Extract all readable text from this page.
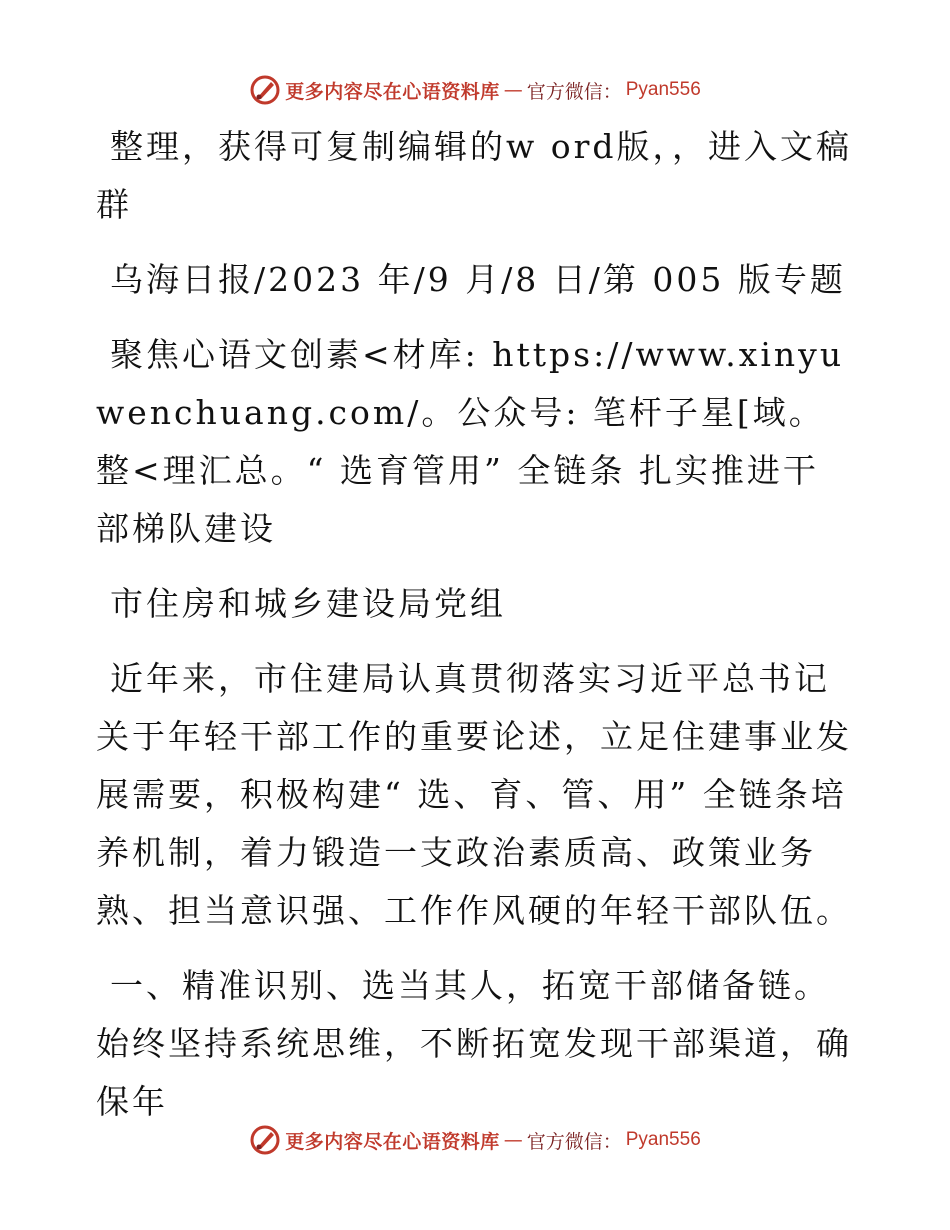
更多内容尽在心语资料库 — 官方微信： Pyan556

整理，获得可复制编辑的w ord版，，进入文稿群

乌海日报/2023 年/9 月/8 日/第 005 版专题

聚焦心语文创素<材库: https://www.xinyuwenchuang.com/。公众号: 笔杆子星[域。整<理汇总。“ 选育管用” 全链条 扎实推进干部梯队建设

市住房和城乡建设局党组

近年来，市住建局认真贯彻落实习近平总书记关于年轻干部工作的重要论述，立足住建事业发展需要，积极构建“ 选、育、管、用” 全链条培养机制，着力锻造一支政治素质高、政策业务熟、担当意识强、工作作风硬的年轻干部队伍。

一、精准识别、选当其人，拓宽干部储备链。始终坚持系统思维，不断拓宽发现干部渠道，确保年

更多内容尽在心语资料库 — 官方微信： Pyan556
